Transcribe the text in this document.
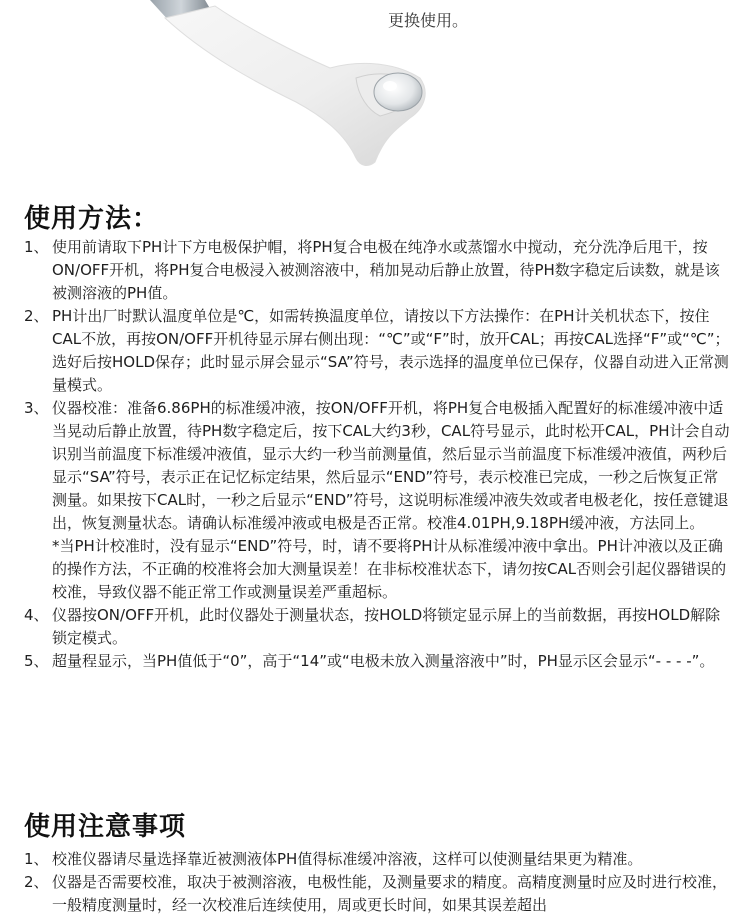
更换使用。
使用方法：
1、 使用前请取下PH计下方电极保护帽，将PH复合电极在纯净水或蒸馏水中搅动，充分洗净后甩干，按ON/OFF开机，将PH复合电极浸入被测溶液中，稍加晃动后静止放置，待PH数字稳定后读数，就是该被测溶液的PH值。
2、 PH计出厂时默认温度单位是℃，如需转换温度单位，请按以下方法操作：在PH计关机状态下，按住CAL不放，再按ON/OFF开机待显示屏右侧出现：“℃”或“F”时，放开CAL；再按CAL选择“F”或“℃”；选好后按HOLD保存；此时显示屏会显示“SA”符号，表示选择的温度单位已保存，仪器自动进入正常测量模式。
3、 仪器校准：准备6.86PH的标准缓冲液，按ON/OFF开机，将PH复合电极插入配置好的标准缓冲液中适当晃动后静止放置，待PH数字稳定后，按下CAL大约3秒，CAL符号显示，此时松开CAL，PH计会自动识别当前温度下标准缓冲液值，显示大约一秒当前测量值，然后显示当前温度下标准缓冲液值，两秒后显示“SA”符号，表示正在记忆标定结果，然后显示“END”符号，表示校准已完成，一秒之后恢复正常测量。如果按下CAL时，一秒之后显示“END”符号，这说明标准缓冲液失效或者电极老化，按任意键退出，恢复测量状态。请确认标准缓冲液或电极是否正常。校准4.01PH,9.18PH缓冲液，方法同上。
*当PH计校准时，没有显示“END”符号，时，请不要将PH计从标准缓冲液中拿出。PH计冲液以及正确的操作方法，不正确的校准将会加大测量误差！在非标校准状态下，请勿按CAL否则会引起仪器错误的校准，导致仪器不能正常工作或测量误差严重超标。
4、 仪器按ON/OFF开机，此时仪器处于测量状态，按HOLD将锁定显示屏上的当前数据，再按HOLD解除锁定模式。
5、 超量程显示，当PH值低于“0”，高于“14”或“电极未放入测量溶液中”时，PH显示区会显示“- - - -”。
使用注意事项
1、 校准仪器请尽量选择靠近被测液体PH值得标准缓冲溶液，这样可以使测量结果更为精准。
2、 仪器是否需要校准，取决于被测溶液，电极性能，及测量要求的精度。高精度测量时应及时进行校准，一般精度测量时，经一次校准后连续使用，周或更长时间，如果其误差超出
